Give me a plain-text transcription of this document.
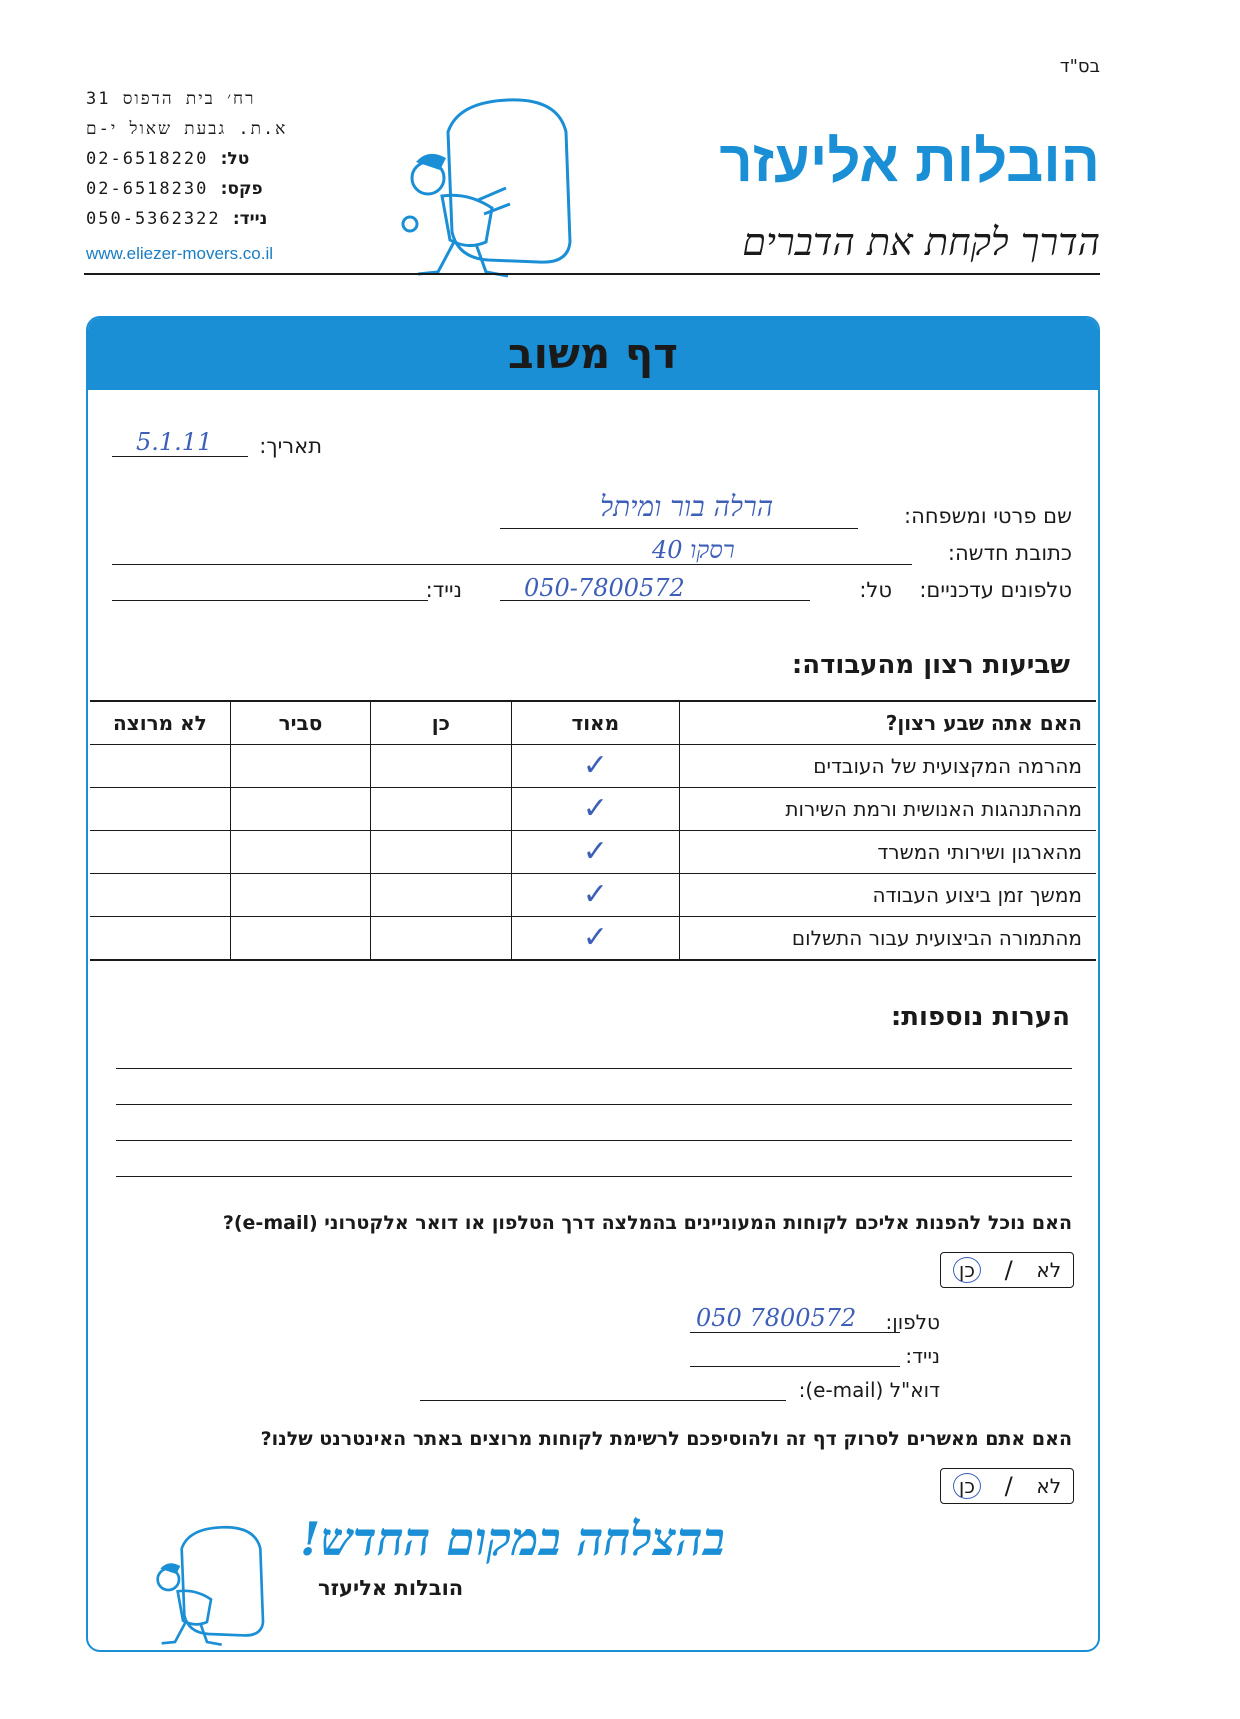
בס"ד
רח׳ בית הדפוס 31
א.ת. גבעת שאול י-ם
טל: 02-6518220
פקס: 02-6518230
נייד: 050-5362322
www.eliezer-movers.co.il
הובלות אליעזר
הדרך לקחת את הדברים
דף משוב
תאריך:
5.1.11
שם פרטי ומשפחה:
הרלה בור ומיתל
כתובת חדשה:
רסקו 40
טלפונים עדכניים:
טל:
050-7800572
נייד:
שביעות רצון מהעבודה:
האם אתה שבע רצון?	מאוד	כן	סביר	לא מרוצה
מהרמה המקצועית של העובדים	✓			
מההתנהגות האנושית ורמת השירות	✓			
מהארגון ושירותי המשרד	✓			
ממשך זמן ביצוע העבודה	✓			
מהתמורה הביצועית עבור התשלום	✓			
הערות נוספות:
האם נוכל להפנות אליכם לקוחות המעוניינים בהמלצה דרך הטלפון או דואר אלקטרוני (e-mail)?
לא
/
כן
טלפון:
050 7800572
נייד:
דוא"ל (e-mail):
האם אתם מאשרים לסרוק דף זה ולהוסיפכם לרשימת לקוחות מרוצים באתר האינטרנט שלנו?
לא
/
כן
בהצלחה במקום החדש!
הובלות אליעזר
